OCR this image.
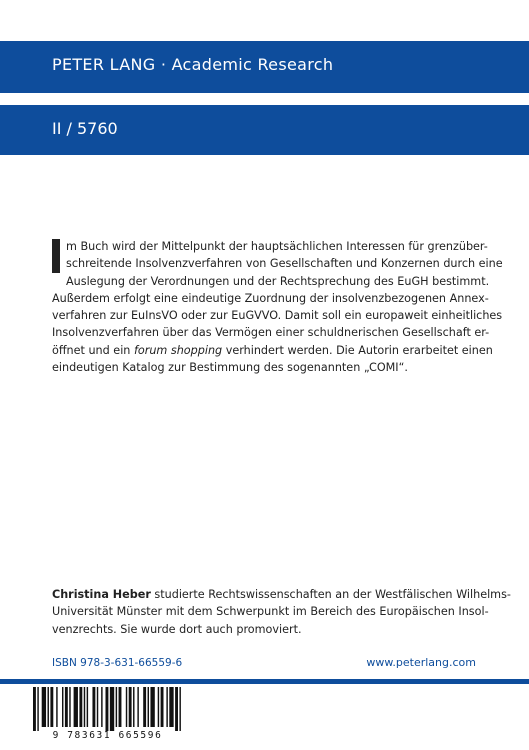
PETER LANG · Academic Research
II / 5760

m Buch wird der Mittelpunkt der hauptsächlichen Interessen für grenzüber-
schreitende Insolvenzverfahren von Gesellschaften und Konzernen durch eine
Auslegung der Verordnungen und der Rechtsprechung des EuGH bestimmt.
Außerdem erfolgt eine eindeutige Zuordnung der insolvenzbezogenen Annex-
verfahren zur EuInsVO oder zur EuGVVO. Damit soll ein europaweit einheitliches
Insolvenzverfahren über das Vermögen einer schuldnerischen Gesellschaft er-
öffnet und ein forum shopping verhindert werden. Die Autorin erarbeitet einen
eindeutigen Katalog zur Bestimmung des sogenannten „COMI“.

Christina Heber studierte Rechtswissenschaften an der Westfälischen Wilhelms-
Universität Münster mit dem Schwerpunkt im Bereich des Europäischen Insol-
venzrechts. Sie wurde dort auch promoviert.
ISBN 978-3-631-66559-6	www.peterlang.com
9 783631 665596
